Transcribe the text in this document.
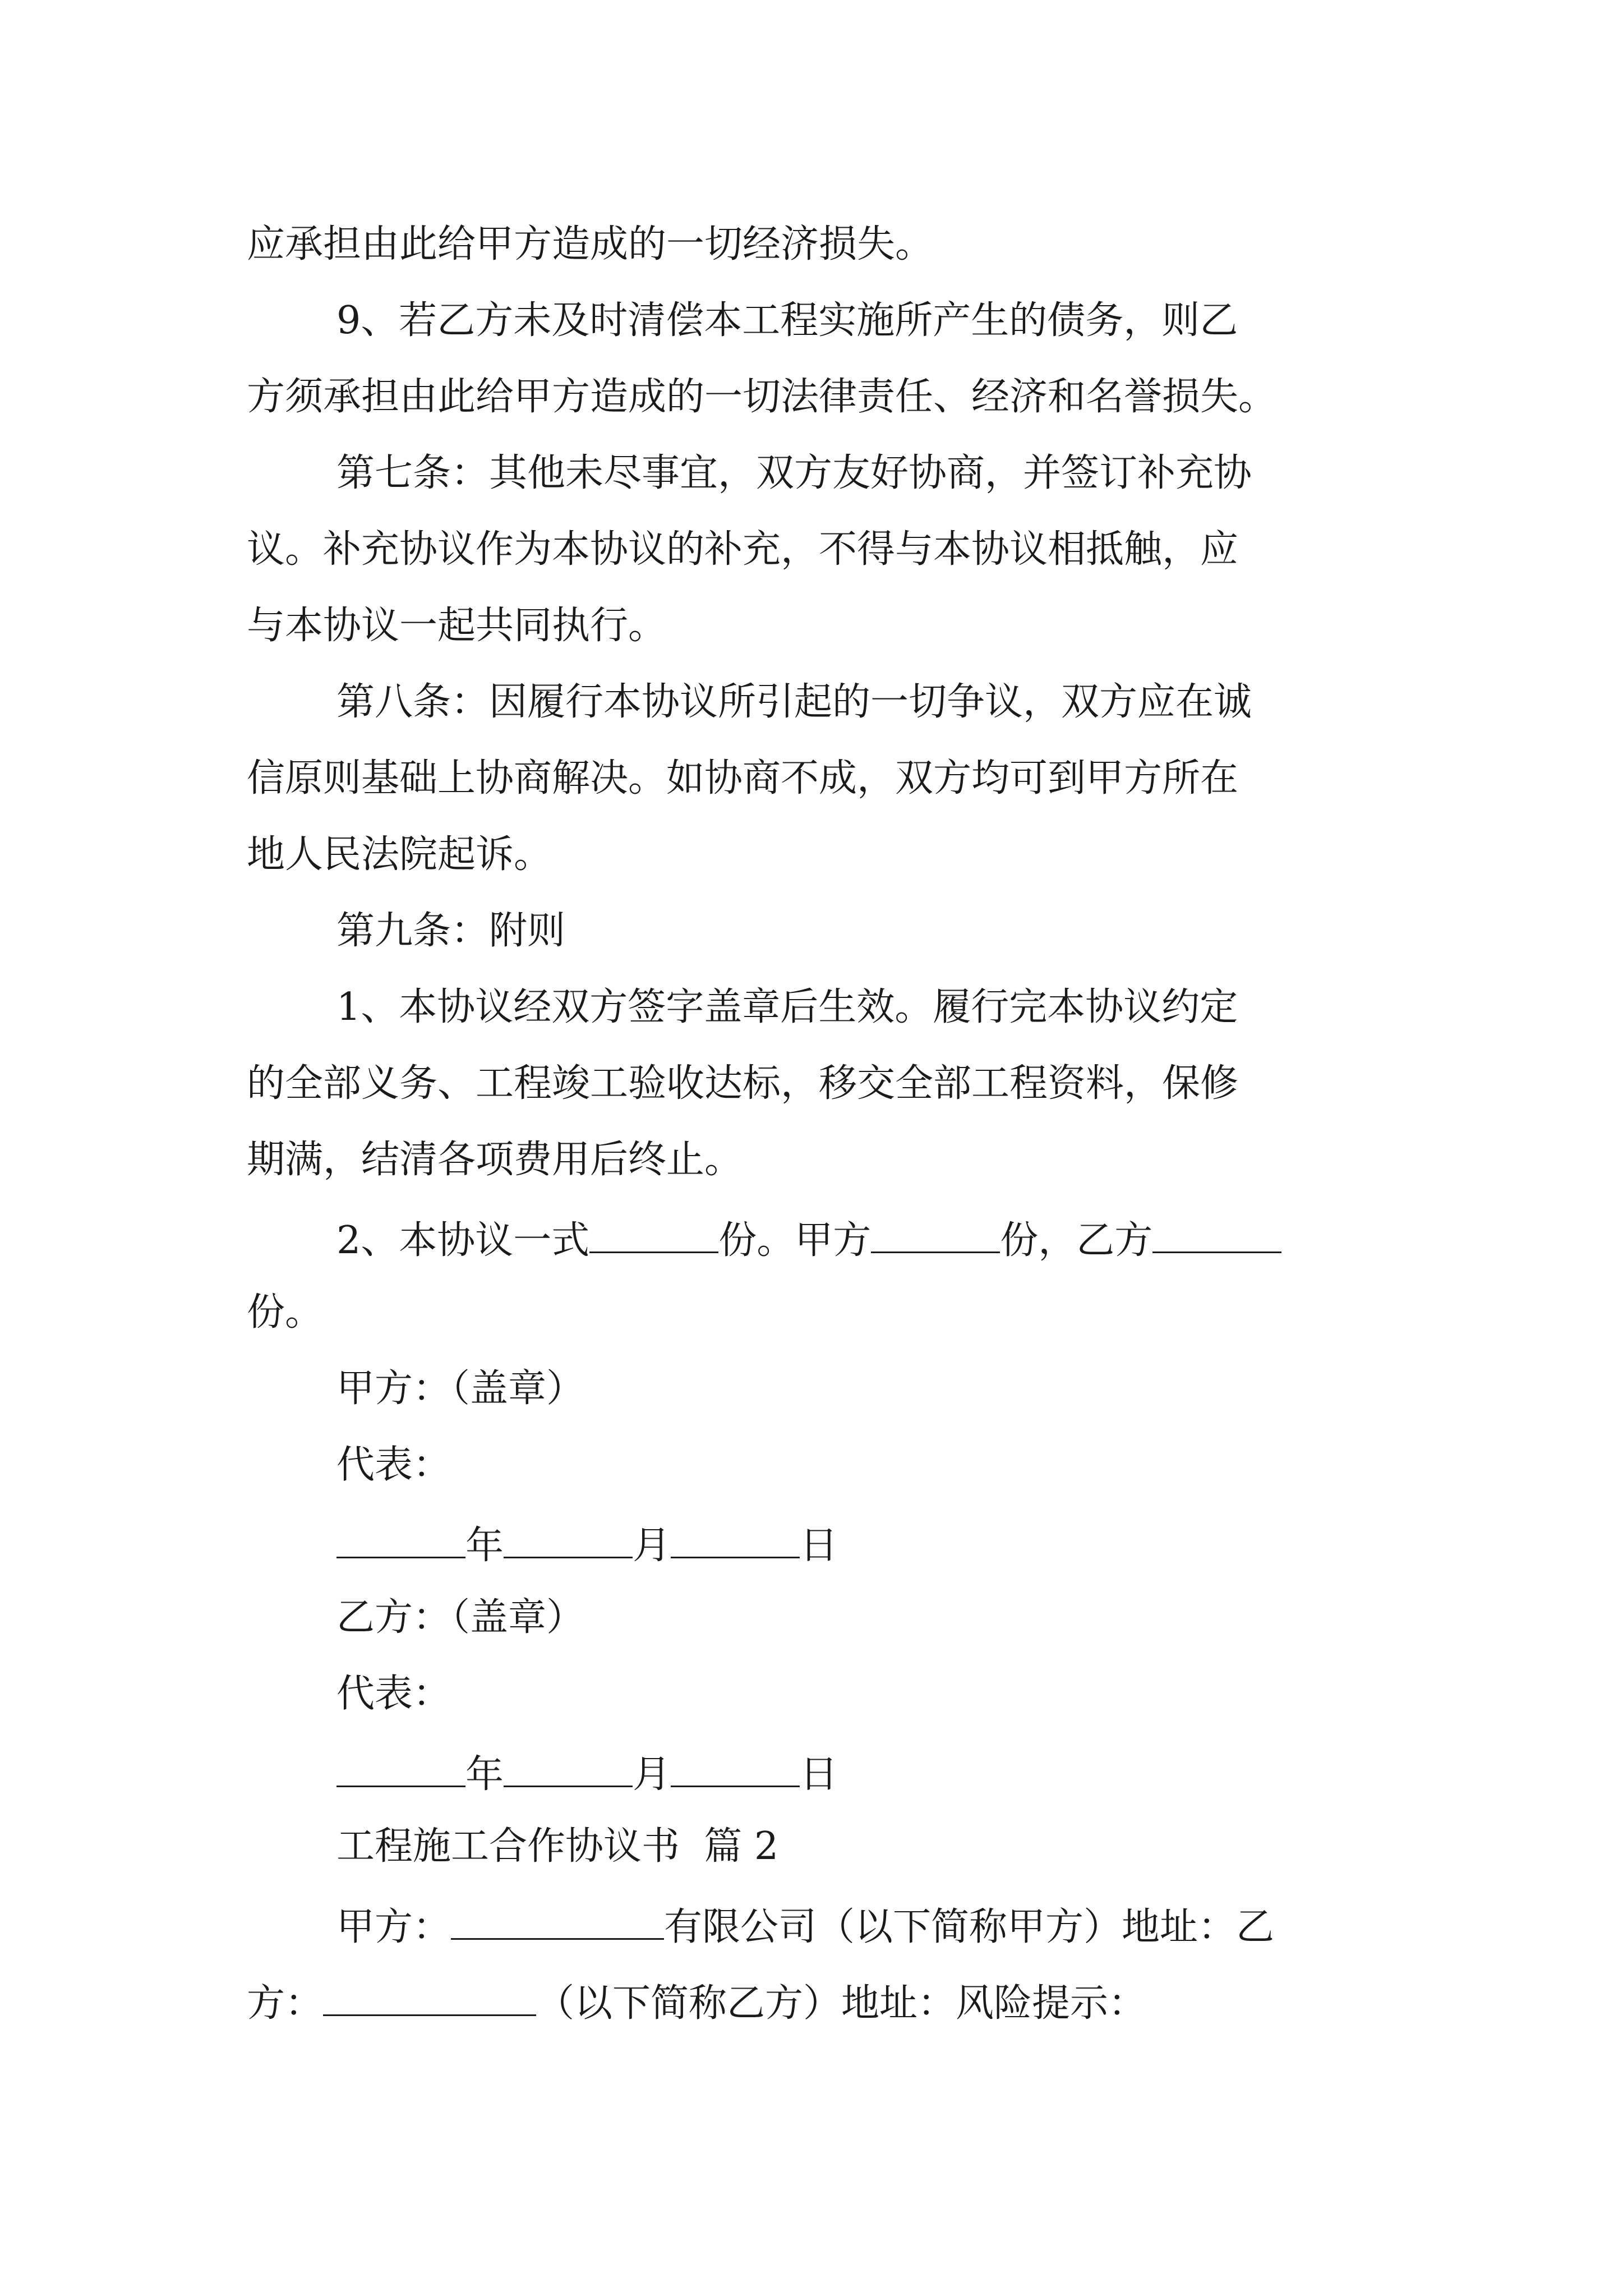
应承担由此给甲方造成的一切经济损失。

9、若乙方未及时清偿本工程实施所产生的债务，则乙

方须承担由此给甲方造成的一切法律责任、经济和名誉损失。

第七条：其他未尽事宜，双方友好协商，并签订补充协

议。补充协议作为本协议的补充，不得与本协议相抵触，应

与本协议一起共同执行。

第八条：因履行本协议所引起的一切争议，双方应在诚

信原则基础上协商解决。如协商不成，双方均可到甲方所在

地人民法院起诉。

第九条：附则

1、本协议经双方签字盖章后生效。履行完本协议约定

的全部义务、工程竣工验收达标，移交全部工程资料，保修

期满，结清各项费用后终止。

2、本协议一式	份。甲方	份，乙方

份。

甲方：（盖章）

代表：

年	月	日

乙方：（盖章）

代表：

年	月	日

工程施工合作协议书  篇 2

甲方：	有限公司（以下简称甲方）地址：乙

方：	（以下简称乙方）地址：风险提示：
